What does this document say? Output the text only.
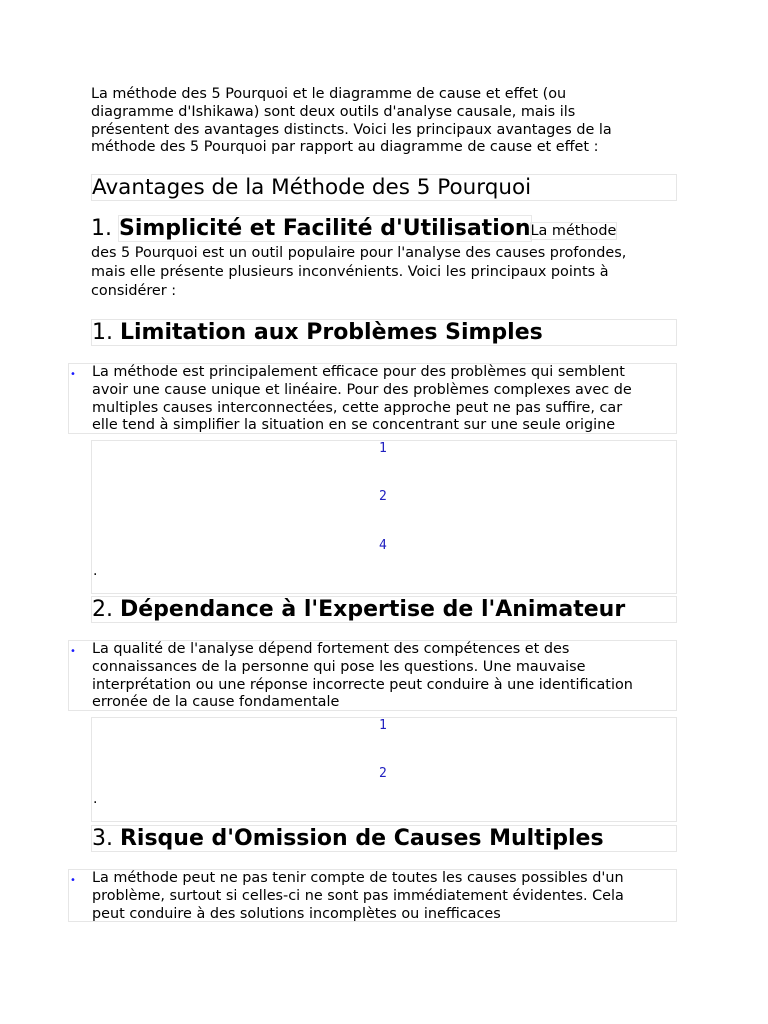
La méthode des 5 Pourquoi et le diagramme de cause et effet (ou
diagramme d'Ishikawa) sont deux outils d'analyse causale, mais ils
présentent des avantages distincts. Voici les principaux avantages de la
méthode des 5 Pourquoi par rapport au diagramme de cause et effet :
Avantages de la Méthode des 5 Pourquoi
1. Simplicité et Facilité d'UtilisationLa méthode
des 5 Pourquoi est un outil populaire pour l'analyse des causes profondes,
mais elle présente plusieurs inconvénients. Voici les principaux points à
considérer :
1. Limitation aux Problèmes Simples
• La méthode est principalement efficace pour des problèmes qui semblent
avoir une cause unique et linéaire. Pour des problèmes complexes avec de
multiples causes interconnectées, cette approche peut ne pas suffire, car
elle tend à simplifier la situation en se concentrant sur une seule origine
1
2
4
.
2. Dépendance à l'Expertise de l'Animateur
• La qualité de l'analyse dépend fortement des compétences et des
connaissances de la personne qui pose les questions. Une mauvaise
interprétation ou une réponse incorrecte peut conduire à une identification
erronée de la cause fondamentale
1
2
.
3. Risque d'Omission de Causes Multiples
• La méthode peut ne pas tenir compte de toutes les causes possibles d'un
problème, surtout si celles-ci ne sont pas immédiatement évidentes. Cela
peut conduire à des solutions incomplètes ou inefficaces
